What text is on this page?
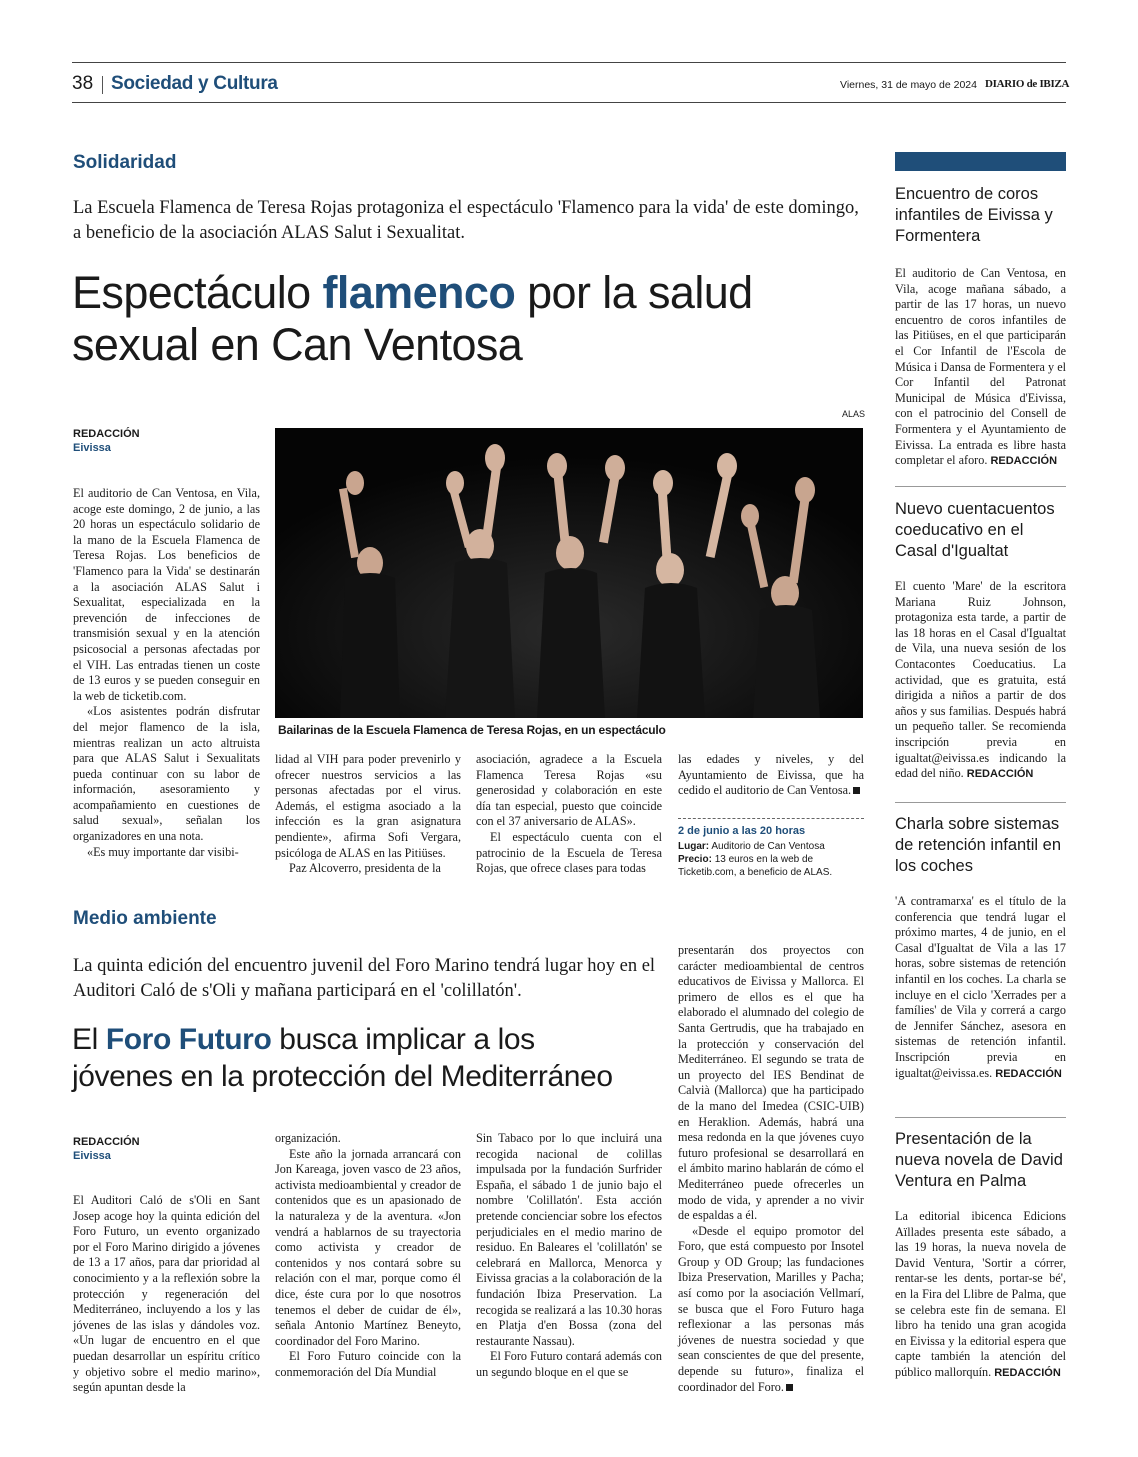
38 Sociedad y Cultura	Viernes, 31 de mayo de 2024 DIARIO de IBIZA
Solidaridad
La Escuela Flamenca de Teresa Rojas protagoniza el espectáculo 'Flamenco para la vida' de este domingo, a beneficio de la asociación ALAS Salut i Sexualitat.
Espectáculo flamenco por la salud
sexual en Can Ventosa
REDACCIÓN
Eivissa
ALAS
Bailarinas de la Escuela Flamenca de Teresa Rojas, en un espectáculo

El auditorio de Can Ventosa, en Vila, acoge este domingo, 2 de junio, a las 20 horas un espectáculo solidario de la mano de la Escuela Flamenca de Teresa Rojas. Los beneficios de 'Flamenco para la Vida' se destinarán a la asociación ALAS Salut i Sexualitat, especializada en la prevención de infecciones de transmisión sexual y en la atención psicosocial a personas afectadas por el VIH. Las entradas tienen un coste de 13 euros y se pueden conseguir en la web de ticketib.com.

«Los asistentes podrán disfrutar del mejor flamenco de la isla, mientras realizan un acto altruista para que ALAS Salut i Sexualitats pueda continuar con su labor de información, asesoramiento y acompañamiento en cuestiones de salud sexual», señalan los organizadores en una nota.

«Es muy importante dar visibi-

lidad al VIH para poder prevenirlo y ofrecer nuestros servicios a las personas afectadas por el virus. Además, el estigma asociado a la infección es la gran asignatura pendiente», afirma Sofi Vergara, psicóloga de ALAS en las Pitiüses.

Paz Alcoverro, presidenta de la

asociación, agradece a la Escuela Flamenca Teresa Rojas «su generosidad y colaboración en este día tan especial, puesto que coincide con el 37 aniversario de ALAS».

El espectáculo cuenta con el patrocinio de la Escuela de Teresa Rojas, que ofrece clases para todas

las edades y niveles, y del Ayuntamiento de Eivissa, que ha cedido el auditorio de Can Ventosa.

2 de junio a las 20 horas
Lugar: Auditorio de Can Ventosa
Precio: 13 euros en la web de Ticketib.com, a beneficio de ALAS.
Medio ambiente
La quinta edición del encuentro juvenil del Foro Marino tendrá lugar hoy en el Auditori Caló de s'Oli y mañana participará en el 'colillatón'.
El Foro Futuro busca implicar a los
jóvenes en la protección del Mediterráneo
REDACCIÓN
Eivissa

El Auditori Caló de s'Oli en Sant Josep acoge hoy la quinta edición del Foro Futuro, un evento organizado por el Foro Marino dirigido a jóvenes de 13 a 17 años, para dar prioridad al conocimiento y a la reflexión sobre la protección y regeneración del Mediterráneo, incluyendo a los y las jóvenes de las islas y dándoles voz. «Un lugar de encuentro en el que puedan desarrollar un espíritu crítico y objetivo sobre el medio marino», según apuntan desde la

organización.

Este año la jornada arrancará con Jon Kareaga, joven vasco de 23 años, activista medioambiental y creador de contenidos que es un apasionado de la naturaleza y de la aventura. «Jon vendrá a hablarnos de su trayectoria como activista y creador de contenidos y nos contará sobre su relación con el mar, porque como él dice, éste cura por lo que nosotros tenemos el deber de cuidar de él», señala Antonio Martínez Beneyto, coordinador del Foro Marino.

El Foro Futuro coincide con la conmemoración del Día Mundial

Sin Tabaco por lo que incluirá una recogida nacional de colillas impulsada por la fundación Surfrider España, el sábado 1 de junio bajo el nombre 'Colillatón'. Esta acción pretende concienciar sobre los efectos perjudiciales en el medio marino de residuo. En Baleares el 'colillatón' se celebrará en Mallorca, Menorca y Eivissa gracias a la colaboración de la fundación Ibiza Preservation. La recogida se realizará a las 10.30 horas en Platja d'en Bossa (zona del restaurante Nassau).

El Foro Futuro contará además con un segundo bloque en el que se

presentarán dos proyectos con carácter medioambiental de centros educativos de Eivissa y Mallorca. El primero de ellos es el que ha elaborado el alumnado del colegio de Santa Gertrudis, que ha trabajado en la protección y conservación del Mediterráneo. El segundo se trata de un proyecto del IES Bendinat de Calvià (Mallorca) que ha participado de la mano del Imedea (CSIC-UIB) en Heraklion. Además, habrá una mesa redonda en la que jóvenes cuyo futuro profesional se desarrollará en el ámbito marino hablarán de cómo el Mediterráneo puede ofrecerles un modo de vida, y aprender a no vivir de espaldas a él.

«Desde el equipo promotor del Foro, que está compuesto por Insotel Group y OD Group; las fundaciones Ibiza Preservation, Marilles y Pacha; así como por la asociación Vellmarí, se busca que el Foro Futuro haga reflexionar a las personas más jóvenes de nuestra sociedad y que sean conscientes de que del presente, depende su futuro», finaliza el coordinador del Foro.

Encuentro de coros infantiles de Eivissa y Formentera
El auditorio de Can Ventosa, en Vila, acoge mañana sábado, a partir de las 17 horas, un nuevo encuentro de coros infantiles de las Pitiüses, en el que participarán el Cor Infantil de l'Escola de Música i Dansa de Formentera y el Cor Infantil del Patronat Municipal de Música d'Eivissa, con el patrocinio del Consell de Formentera y el Ayuntamiento de Eivissa. La entrada es libre hasta completar el aforo. REDACCIÓN
Nuevo cuentacuentos coeducativo en el Casal d'Igualtat
El cuento 'Mare' de la escritora Mariana Ruiz Johnson, protagoniza esta tarde, a partir de las 18 horas en el Casal d'Igualtat de Vila, una nueva sesión de los Contacontes Coeducatius. La actividad, que es gratuita, está dirigida a niños a partir de dos años y sus familias. Después habrá un pequeño taller. Se recomienda inscripción previa en igualtat@eivissa.es indicando la edad del niño. REDACCIÓN
Charla sobre sistemas de retención infantil en los coches
'A contramarxa' es el título de la conferencia que tendrá lugar el próximo martes, 4 de junio, en el Casal d'Igualtat de Vila a las 17 horas, sobre sistemas de retención infantil en los coches. La charla se incluye en el ciclo 'Xerrades per a famílies' de Vila y correrá a cargo de Jennifer Sánchez, asesora en sistemas de retención infantil. Inscripción previa en igualtat@eivissa.es. REDACCIÓN
Presentación de la nueva novela de David Ventura en Palma
La editorial ibicenca Edicions Aïllades presenta este sábado, a las 19 horas, la nueva novela de David Ventura, 'Sortir a córrer, rentar-se les dents, portar-se bé', en la Fira del Llibre de Palma, que se celebra este fin de semana. El libro ha tenido una gran acogida en Eivissa y la editorial espera que capte también la atención del público mallorquín. REDACCIÓN
